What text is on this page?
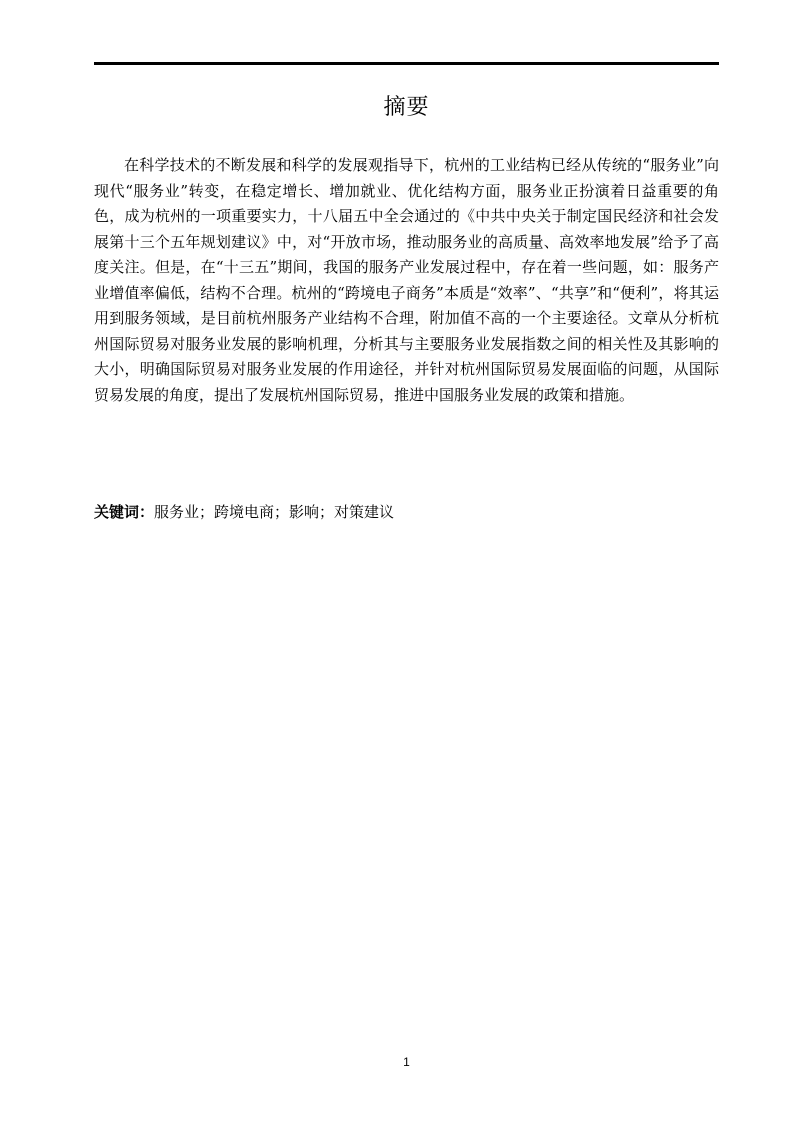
摘要

在科学技术的不断发展和科学的发展观指导下，杭州的工业结构已经从传统的“服务业”向现代“服务业”转变，在稳定增长、增加就业、优化结构方面，服务业正扮演着日益重要的角色，成为杭州的一项重要实力，十八届五中全会通过的《中共中央关于制定国民经济和社会发展第十三个五年规划建议》中，对“开放市场，推动服务业的高质量、高效率地发展”给予了高度关注。但是，在“十三五”期间，我国的服务产业发展过程中，存在着一些问题，如：服务产业增值率偏低，结构不合理。杭州的“跨境电子商务”本质是“效率”、“共享”和“便利”，将其运用到服务领域，是目前杭州服务产业结构不合理，附加值不高的一个主要途径。文章从分析杭州国际贸易对服务业发展的影响机理，分析其与主要服务业发展指数之间的相关性及其影响的大小，明确国际贸易对服务业发展的作用途径，并针对杭州国际贸易发展面临的问题，从国际贸易发展的角度，提出了发展杭州国际贸易，推进中国服务业发展的政策和措施。

关键词：服务业；跨境电商；影响；对策建议
1
